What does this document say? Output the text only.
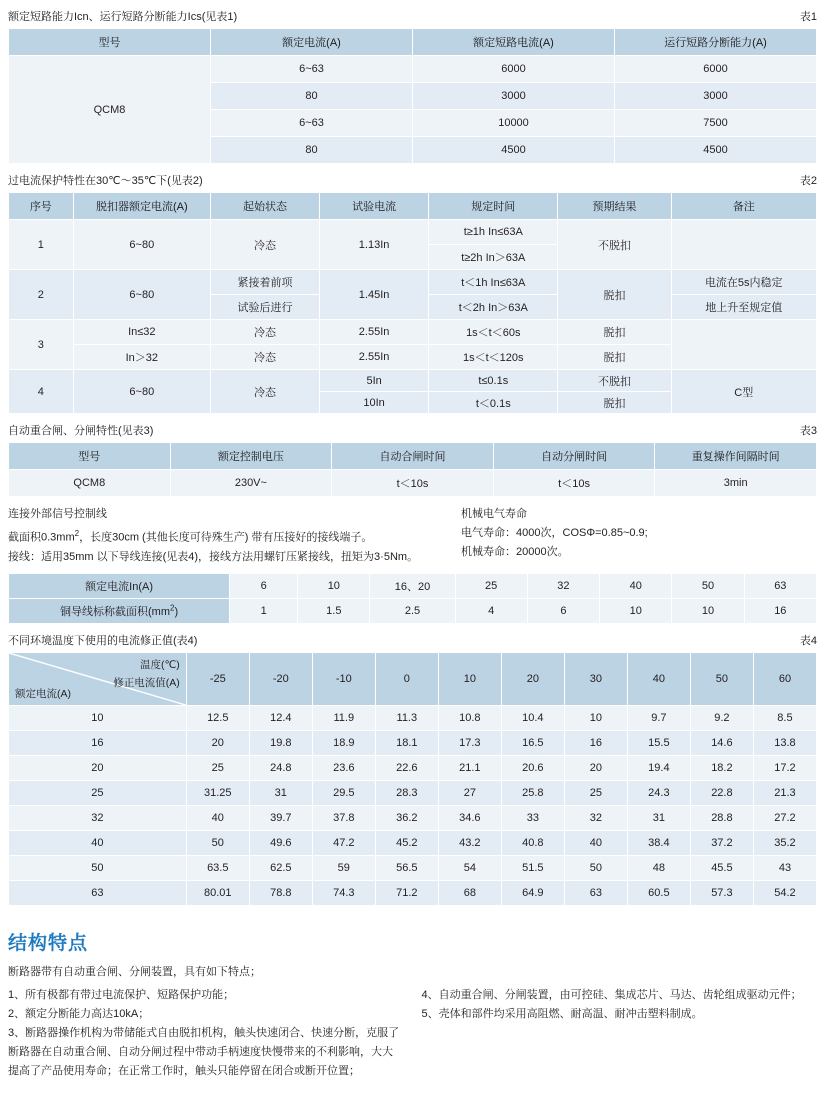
额定短路能力Icn、运行短路分断能力Ics(见表1)	表1
型号	额定电流(A)	额定短路电流(A)	运行短路分断能力(A)
QCM8	6~63	6000	6000
	80	3000	3000
	6~63	10000	7500
	80	4500	4500
过电流保护特性在30℃～35℃下(见表2)	表2
序号	脱扣器额定电流(A)	起始状态	试验电流	规定时间	预期结果	备注
1	6~80	冷态	1.13In	t≥1h In≤63A	不脱扣	
				t≥2h In＞63A		
2	6~80	紧接着前项	1.45In	t＜1h In≤63A	脱扣	电流在5s内稳定
		试验后进行		t＜2h In＞63A		地上升至规定值
3	In≤32	冷态	2.55In	1s＜t＜60s	脱扣	
	In＞32	冷态	2.55In	1s＜t＜120s	脱扣	
4	6~80	冷态	5In	t≤0.1s	不脱扣	C型
			10In	t＜0.1s	脱扣	
自动重合闸、分闸特性(见表3)	表3
型号	额定控制电压	自动合闸时间	自动分闸时间	重复操作间隔时间
QCM8	230V~	t＜10s	t＜10s	3min
连接外部信号控制线
截面积$0.3mm^2$，长度30cm (其他长度可待殊生产) 带有压接好的接线端子。
接线：适用35mm 以下导线连接(见表4)，接线方法用螺钉压紧接线，扭矩为3·5Nm。
机械电气寿命
电气寿命：4000次，COSΦ=0.85~0.9;
机械寿命：20000次。
额定电流In(A)	6	10	16、20	25	32	40	50	63
铜导线标称截面积$(mm^2)$	1	1.5	2.5	4	6	10	10	16
不同环境温度下使用的电流修正值(表4)	表4
温度(℃)
额定电流(A)
修正电流值(A)	-25	-20	-10	0	10	20	30	40	50	60
10	12.5	12.4	11.9	11.3	10.8	10.4	10	9.7	9.2	8.5
16	20	19.8	18.9	18.1	17.3	16.5	16	15.5	14.6	13.8
20	25	24.8	23.6	22.6	21.1	20.6	20	19.4	18.2	17.2
25	31.25	31	29.5	28.3	27	25.8	25	24.3	22.8	21.3
32	40	39.7	37.8	36.2	34.6	33	32	31	28.8	27.2
40	50	49.6	47.2	45.2	43.2	40.8	40	38.4	37.2	35.2
50	63.5	62.5	59	56.5	54	51.5	50	48	45.5	43
63	80.01	78.8	74.3	71.2	68	64.9	63	60.5	57.3	54.2
结构特点
断路器带有自动重合闸、分闸装置，具有如下特点；
1、所有极都有带过电流保护、短路保护功能；
2、额定分断能力高达10kA；
3、断路器操作机构为带储能式自由脱扣机构，触头快速闭合、快速分断，克服了断路器在自动重合闸、自动分闸过程中带动手柄速度快慢带来的不利影响，大大提高了产品使用寿命；在正常工作时，触头只能停留在闭合或断开位置；
4、自动重合闸、分闸装置，由可控硅、集成芯片、马达、齿轮组成驱动元件；
5、壳体和部件均采用高阻燃、耐高温、耐冲击塑料制成。
